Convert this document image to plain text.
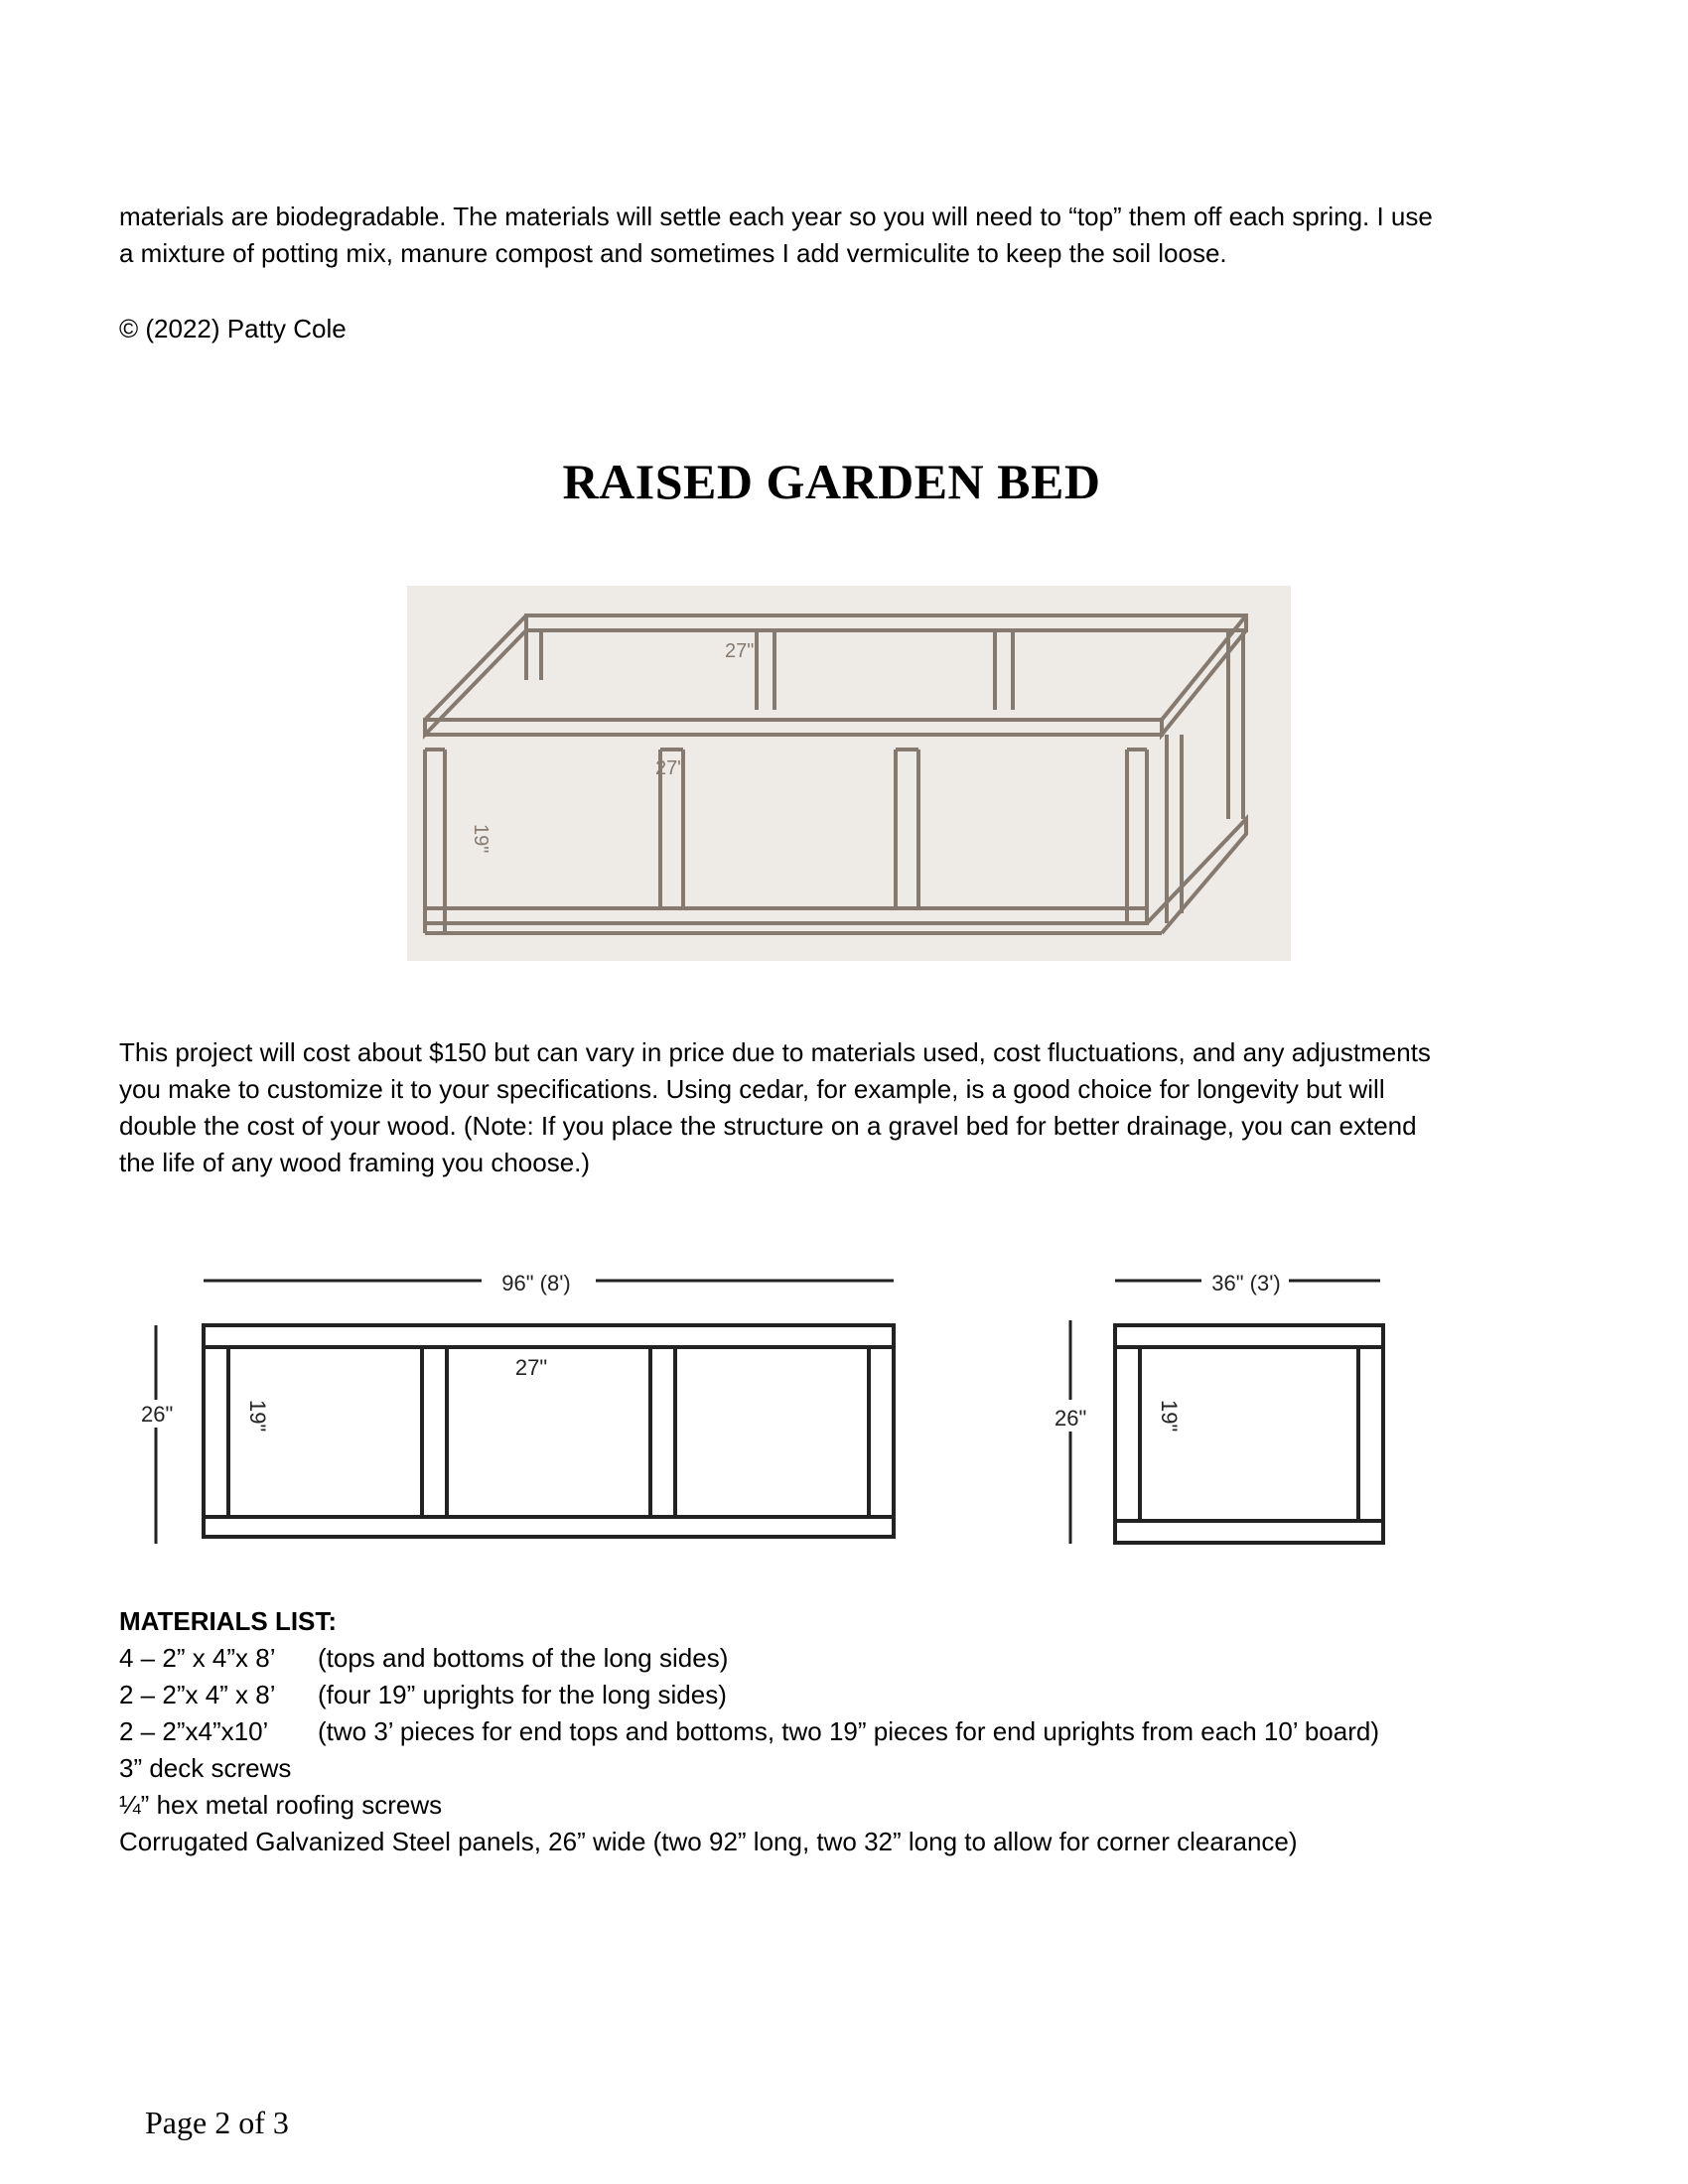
materials are biodegradable. The materials will settle each year so you will need to “top” them off each spring. I use
a mixture of potting mix, manure compost and sometimes I add vermiculite to keep the soil loose.
© (2022) Patty Cole
RAISED GARDEN BED
27"
27"
19"
This project will cost about $150 but can vary in price due to materials used, cost fluctuations, and any adjustments
you make to customize it to your specifications. Using cedar, for example, is a good choice for longevity but will
double the cost of your wood. (Note: If you place the structure on a gravel bed for better drainage, you can extend
the life of any wood framing you choose.)
96" (8')
26"	19"
27"
36" (3')
26"	19"
MATERIALS LIST:
4 – 2” x 4”x 8’ (tops and bottoms of the long sides)
2 – 2”x 4” x 8’ (four 19” uprights for the long sides)
2 – 2”x4”x10’ (two 3’ pieces for end tops and bottoms, two 19” pieces for end uprights from each 10’ board)
3” deck screws
¼” hex metal roofing screws
Corrugated Galvanized Steel panels, 26” wide (two 92” long, two 32” long to allow for corner clearance)
Page 2 of 3
